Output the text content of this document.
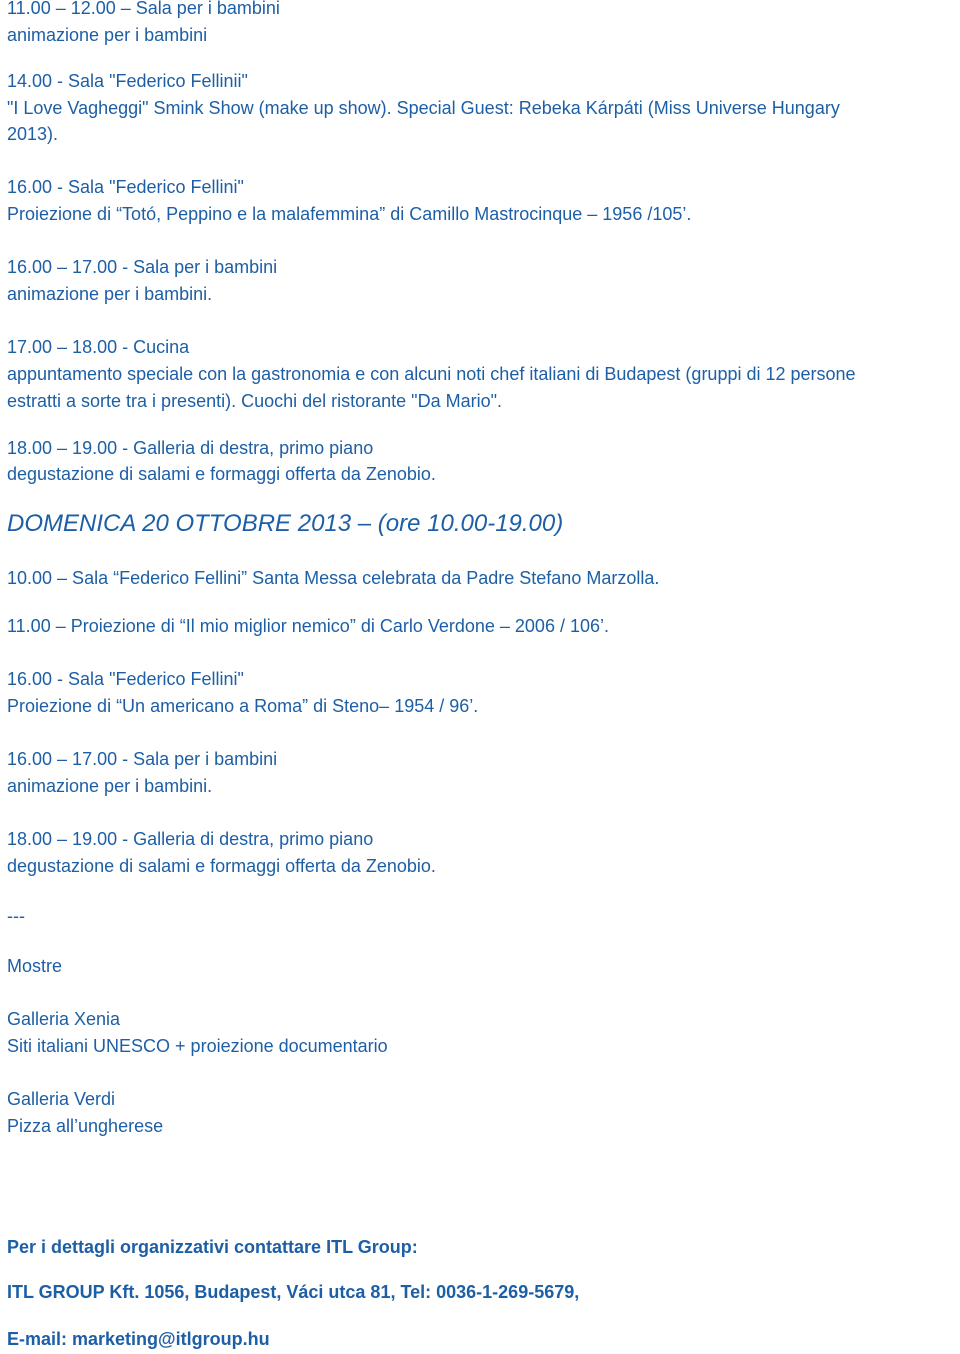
11.00 – 12.00 – Sala per i bambini
animazione per i bambini
14.00 - Sala "Federico Fellinii"
"I Love Vagheggi" Smink Show (make up show). Special Guest: Rebeka Kárpáti (Miss Universe Hungary
2013).
16.00 - Sala "Federico Fellini"
Proiezione di “Totó, Peppino e la malafemmina” di Camillo Mastrocinque – 1956 /105’.
16.00 – 17.00 - Sala per i bambini
animazione per i bambini.
17.00 – 18.00 - Cucina
appuntamento speciale con la gastronomia e con alcuni noti chef italiani di Budapest (gruppi di 12 persone
estratti a sorte tra i presenti). Cuochi del ristorante "Da Mario".
18.00 – 19.00 - Galleria di destra, primo piano
degustazione di salami e formaggi offerta da Zenobio.
DOMENICA 20 OTTOBRE 2013 – (ore 10.00-19.00)
10.00 – Sala “Federico Fellini” Santa Messa celebrata da Padre Stefano Marzolla.
11.00 – Proiezione di “Il mio miglior nemico” di Carlo Verdone – 2006 / 106’.
16.00 - Sala "Federico Fellini"
Proiezione di “Un americano a Roma” di Steno– 1954 / 96’.
16.00 – 17.00 - Sala per i bambini
animazione per i bambini.
18.00 – 19.00 - Galleria di destra, primo piano
degustazione di salami e formaggi offerta da Zenobio.
---
Mostre
Galleria Xenia
Siti italiani UNESCO + proiezione documentario
Galleria Verdi
Pizza all’ungherese
Per i dettagli organizzativi contattare ITL Group:
ITL GROUP Kft. 1056, Budapest, Váci utca 81, Tel: 0036-1-269-5679,
E-mail: marketing@itlgroup.hu
